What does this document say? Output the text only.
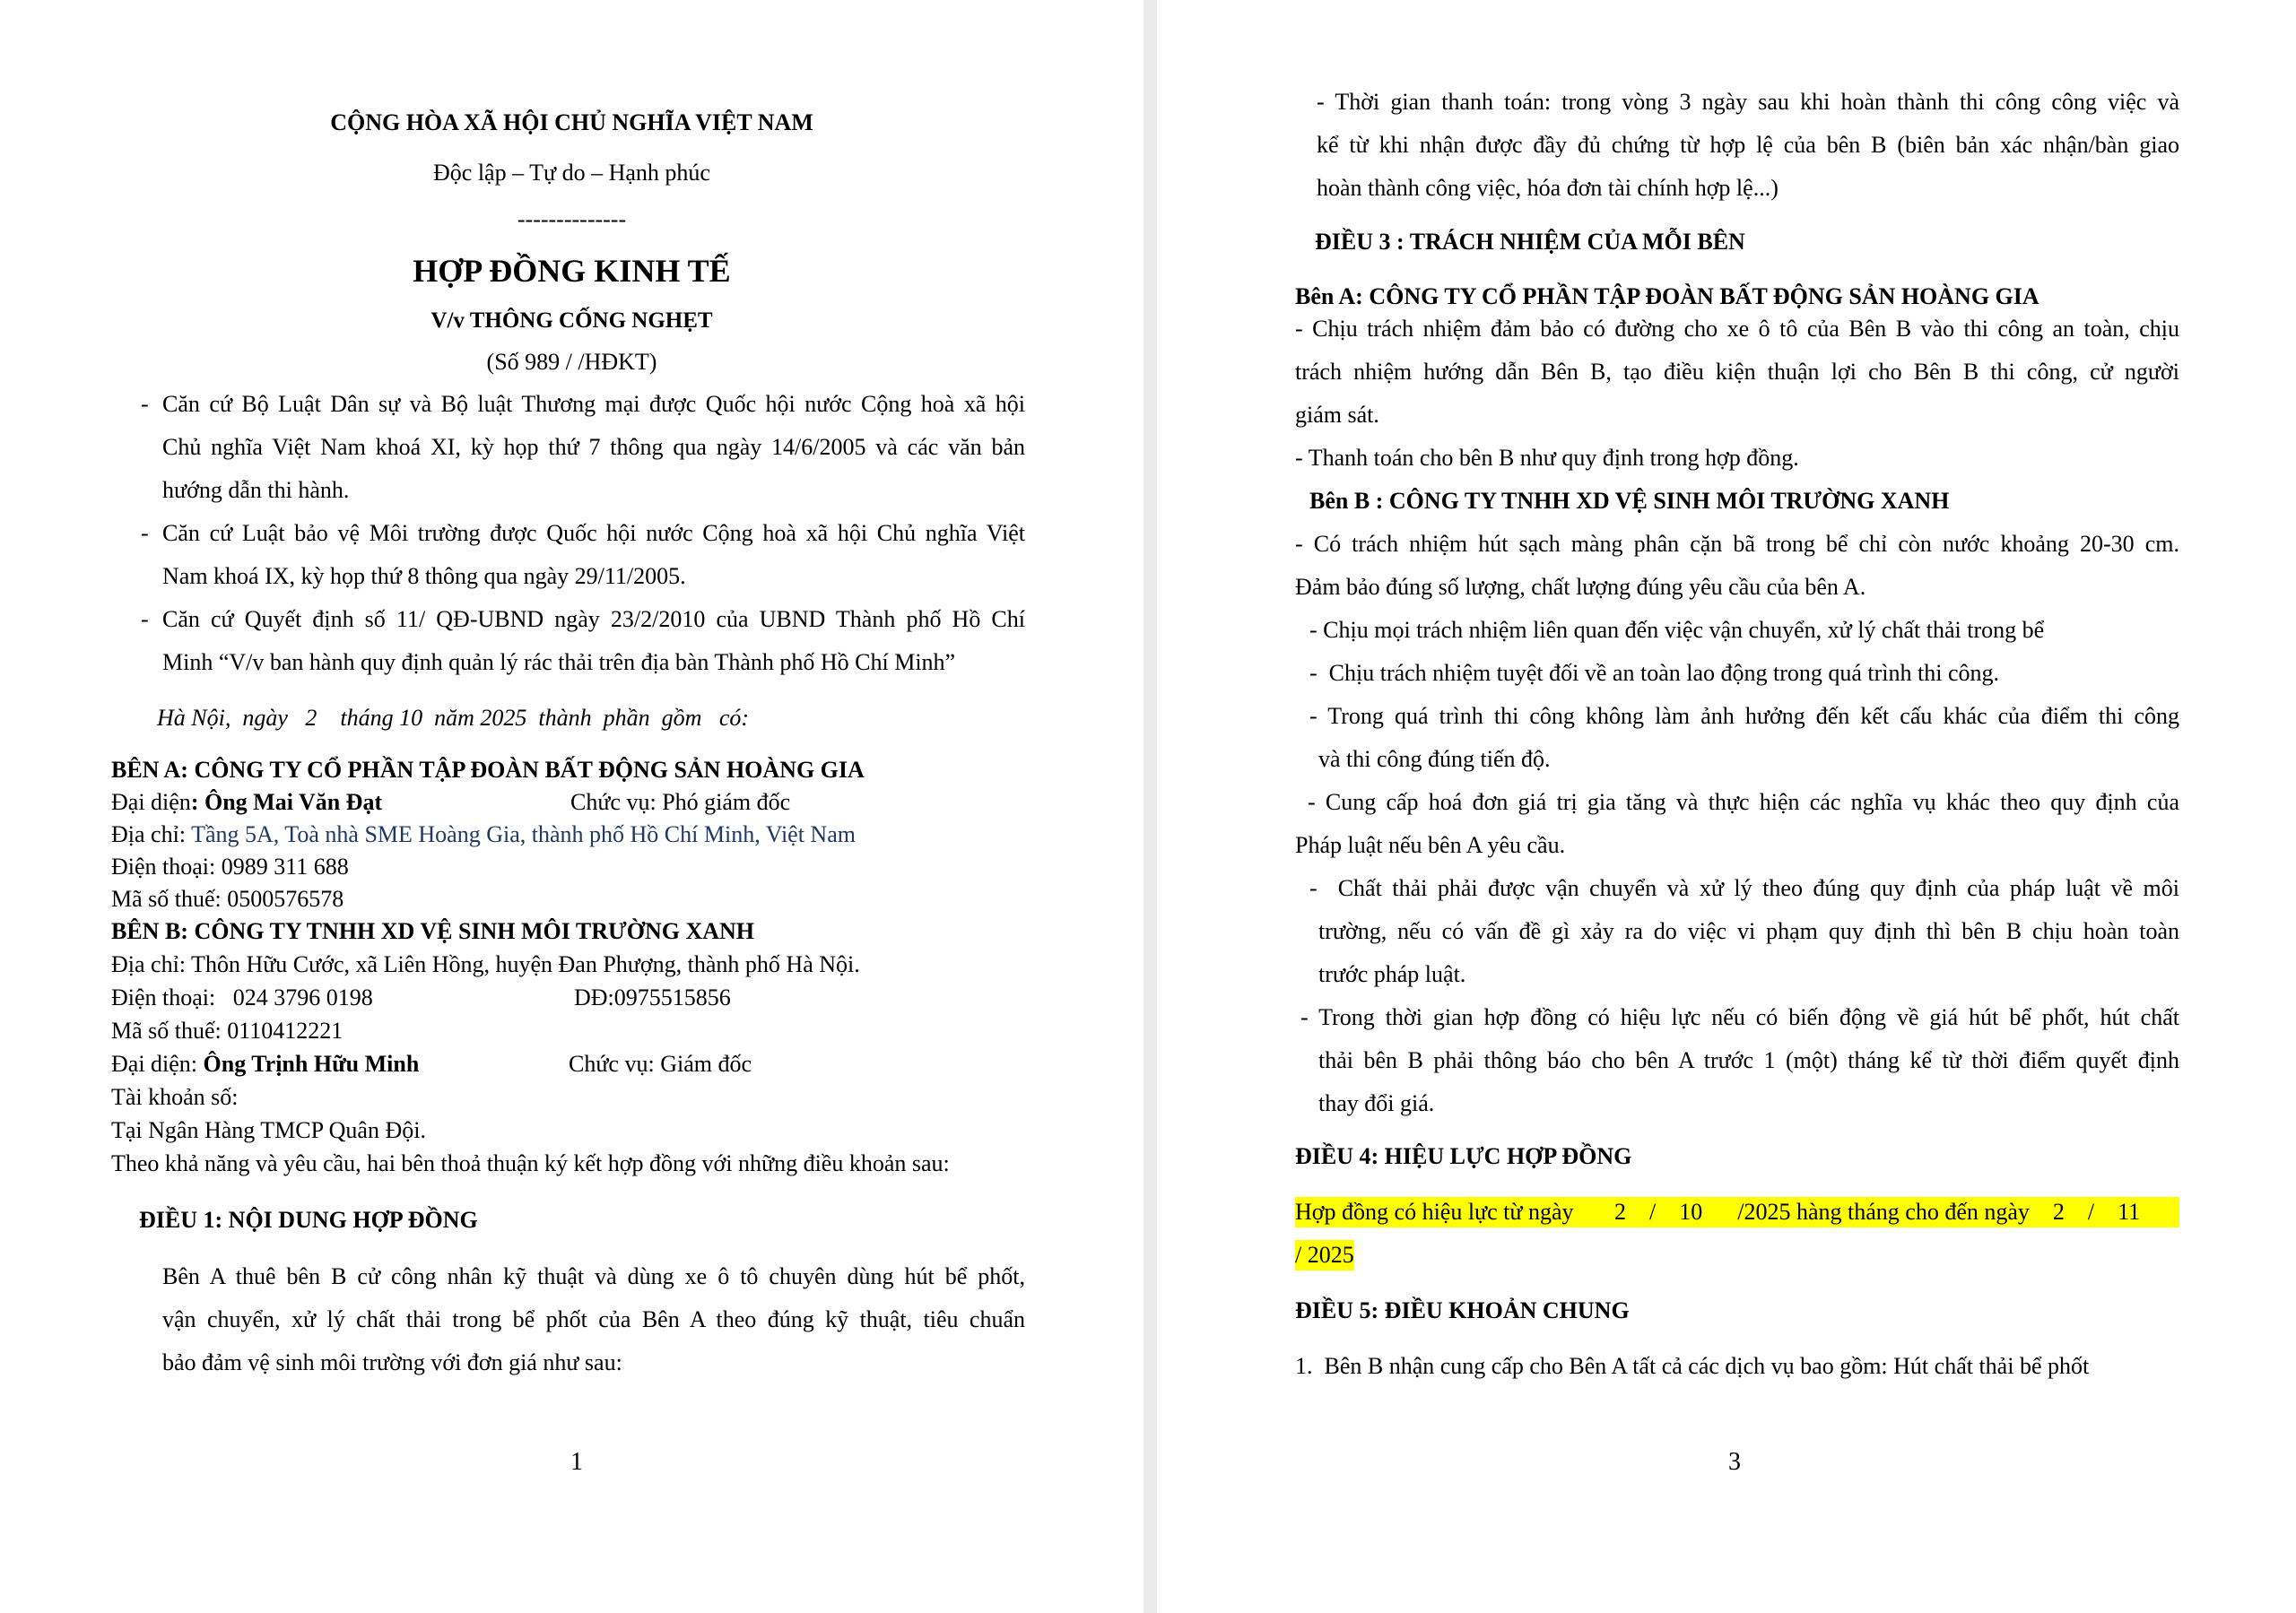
CỘNG HÒA XÃ HỘI CHỦ NGHĨA VIỆT NAM
Độc lập – Tự do – Hạnh phúc
--------------
HỢP ĐỒNG KINH TẾ
V/v THÔNG CỐNG NGHẸT
(Số 989 / /HĐKT)
- Căn cứ Bộ Luật Dân sự và Bộ luật Thương mại được Quốc hội nước Cộng hoà xã hội
Chủ nghĩa Việt Nam khoá XI, kỳ họp thứ 7 thông qua ngày 14/6/2005 và các văn bản
hướng dẫn thi hành.
- Căn cứ Luật bảo vệ Môi trường được Quốc hội nước Cộng hoà xã hội Chủ nghĩa Việt
Nam khoá IX, kỳ họp thứ 8 thông qua ngày 29/11/2005.
- Căn cứ Quyết định số 11/ QĐ-UBND ngày 23/2/2010 của UBND Thành phố Hồ Chí
Minh “V/v ban hành quy định quản lý rác thải trên địa bàn Thành phố Hồ Chí Minh”
Hà Nội,  ngày   2    tháng 10  năm 2025  thành  phần  gồm   có:
BÊN A: CÔNG TY CỔ PHẦN TẬP ĐOÀN BẤT ĐỘNG SẢN HOÀNG GIA
Đại diện: Ông Mai Văn Đạt	Chức vụ: Phó giám đốc
Địa chỉ: Tầng 5A, Toà nhà SME Hoàng Gia, thành phố Hồ Chí Minh, Việt Nam
Điện thoại: 0989 311 688
Mã số thuế: 0500576578
BÊN B: CÔNG TY TNHH XD VỆ SINH MÔI TRƯỜNG XANH
Địa chỉ: Thôn Hữu Cước, xã Liên Hồng, huyện Đan Phượng, thành phố Hà Nội.
Điện thoại:   024 3796 0198	DĐ:0975515856
Mã số thuế: 0110412221
Đại diện: Ông Trịnh Hữu Minh	Chức vụ: Giám đốc
Tài khoản số:
Tại Ngân Hàng TMCP Quân Đội.
Theo khả năng và yêu cầu, hai bên thoả thuận ký kết hợp đồng với những điều khoản sau:
ĐIỀU 1: NỘI DUNG HỢP ĐỒNG
Bên A thuê bên B cử công nhân kỹ thuật và dùng xe ô tô chuyên dùng hút bể phốt,
vận chuyển, xử lý chất thải trong bể phốt của Bên A theo đúng kỹ thuật, tiêu chuẩn
bảo đảm vệ sinh môi trường với đơn giá như sau:
1
- Thời gian thanh toán: trong vòng 3 ngày sau khi hoàn thành thi công công việc và
kể từ khi nhận được đầy đủ chứng từ hợp lệ của bên B (biên bản xác nhận/bàn giao
hoàn thành công việc, hóa đơn tài chính hợp lệ...)
ĐIỀU 3 : TRÁCH NHIỆM CỦA MỖI BÊN
Bên A: CÔNG TY CỔ PHẦN TẬP ĐOÀN BẤT ĐỘNG SẢN HOÀNG GIA
- Chịu trách nhiệm đảm bảo có đường cho xe ô tô của Bên B vào thi công an toàn, chịu
trách nhiệm hướng dẫn Bên B, tạo điều kiện thuận lợi cho Bên B thi công, cử người
giám sát.
- Thanh toán cho bên B như quy định trong hợp đồng.
Bên B : CÔNG TY TNHH XD VỆ SINH MÔI TRƯỜNG XANH
- Có trách nhiệm hút sạch màng phân cặn bã trong bể chỉ còn nước khoảng 20-30 cm.
Đảm bảo đúng số lượng, chất lượng đúng yêu cầu của bên A.
- Chịu mọi trách nhiệm liên quan đến việc vận chuyển, xử lý chất thải trong bể
-  Chịu trách nhiệm tuyệt đối về an toàn lao động trong quá trình thi công.
- Trong quá trình thi công không làm ảnh hưởng đến kết cấu khác của điểm thi công
và thi công đúng tiến độ.
- Cung cấp hoá đơn giá trị gia tăng và thực hiện các nghĩa vụ khác theo quy định của
Pháp luật nếu bên A yêu cầu.
-  Chất thải phải được vận chuyển và xử lý theo đúng quy định của pháp luật về môi
trường, nếu có vấn đề gì xảy ra do việc vi phạm quy định thì bên B chịu hoàn toàn
trước pháp luật.
- Trong thời gian hợp đồng có hiệu lực nếu có biến động về giá hút bể phốt, hút chất
thải bên B phải thông báo cho bên A trước 1 (một) tháng kể từ thời điểm quyết định
thay đổi giá.
ĐIỀU 4: HIỆU LỰC HỢP ĐỒNG
Hợp đồng có hiệu lực từ ngày       2    /    10      /2025 hàng tháng cho đến ngày    2    /    11
/ 2025
ĐIỀU 5: ĐIỀU KHOẢN CHUNG
1.  Bên B nhận cung cấp cho Bên A tất cả các dịch vụ bao gồm: Hút chất thải bể phốt
3
